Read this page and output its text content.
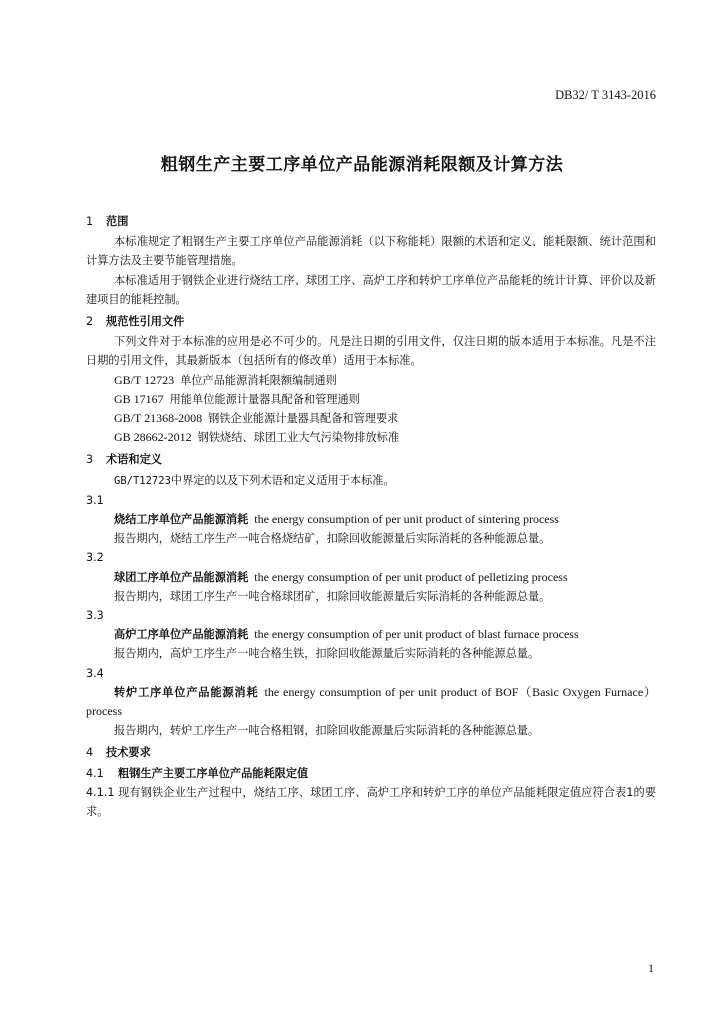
DB32/ T 3143-2016
粗钢生产主要工序单位产品能源消耗限额及计算方法
1 范围

本标准规定了粗钢生产主要工序单位产品能源消耗（以下称能耗）限额的术语和定义、能耗限额、统计范围和计算方法及主要节能管理措施。

本标准适用于钢铁企业进行烧结工序、球团工序、高炉工序和转炉工序单位产品能耗的统计计算、评价以及新建项目的能耗控制。

2 规范性引用文件

下列文件对于本标准的应用是必不可少的。凡是注日期的引用文件，仅注日期的版本适用于本标准。凡是不注日期的引用文件，其最新版本（包括所有的修改单）适用于本标准。

GB/T 12723 单位产品能源消耗限额编制通则
GB 17167 用能单位能源计量器具配备和管理通则
GB/T 21368-2008 钢铁企业能源计量器具配备和管理要求
GB 28662-2012 钢铁烧结、球团工业大气污染物排放标准
3 术语和定义

GB/T12723中界定的以及下列术语和定义适用于本标准。

3.1
烧结工序单位产品能源消耗 the energy consumption of per unit product of sintering process
报告期内，烧结工序生产一吨合格烧结矿，扣除回收能源量后实际消耗的各种能源总量。
3.2
球团工序单位产品能源消耗 the energy consumption of per unit product of pelletizing process
报告期内，球团工序生产一吨合格球团矿，扣除回收能源量后实际消耗的各种能源总量。
3.3
高炉工序单位产品能源消耗 the energy consumption of per unit product of blast furnace process
报告期内，高炉工序生产一吨合格生铁，扣除回收能源量后实际消耗的各种能源总量。
3.4
转炉工序单位产品能源消耗 the energy consumption of per unit product of BOF（Basic Oxygen Furnace） process
报告期内，转炉工序生产一吨合格粗钢，扣除回收能源量后实际消耗的各种能源总量。
4 技术要求
4.1 粗钢生产主要工序单位产品能耗限定值

4.1.1 现有钢铁企业生产过程中，烧结工序、球团工序、高炉工序和转炉工序的单位产品能耗限定值应符合表1的要求。

1
